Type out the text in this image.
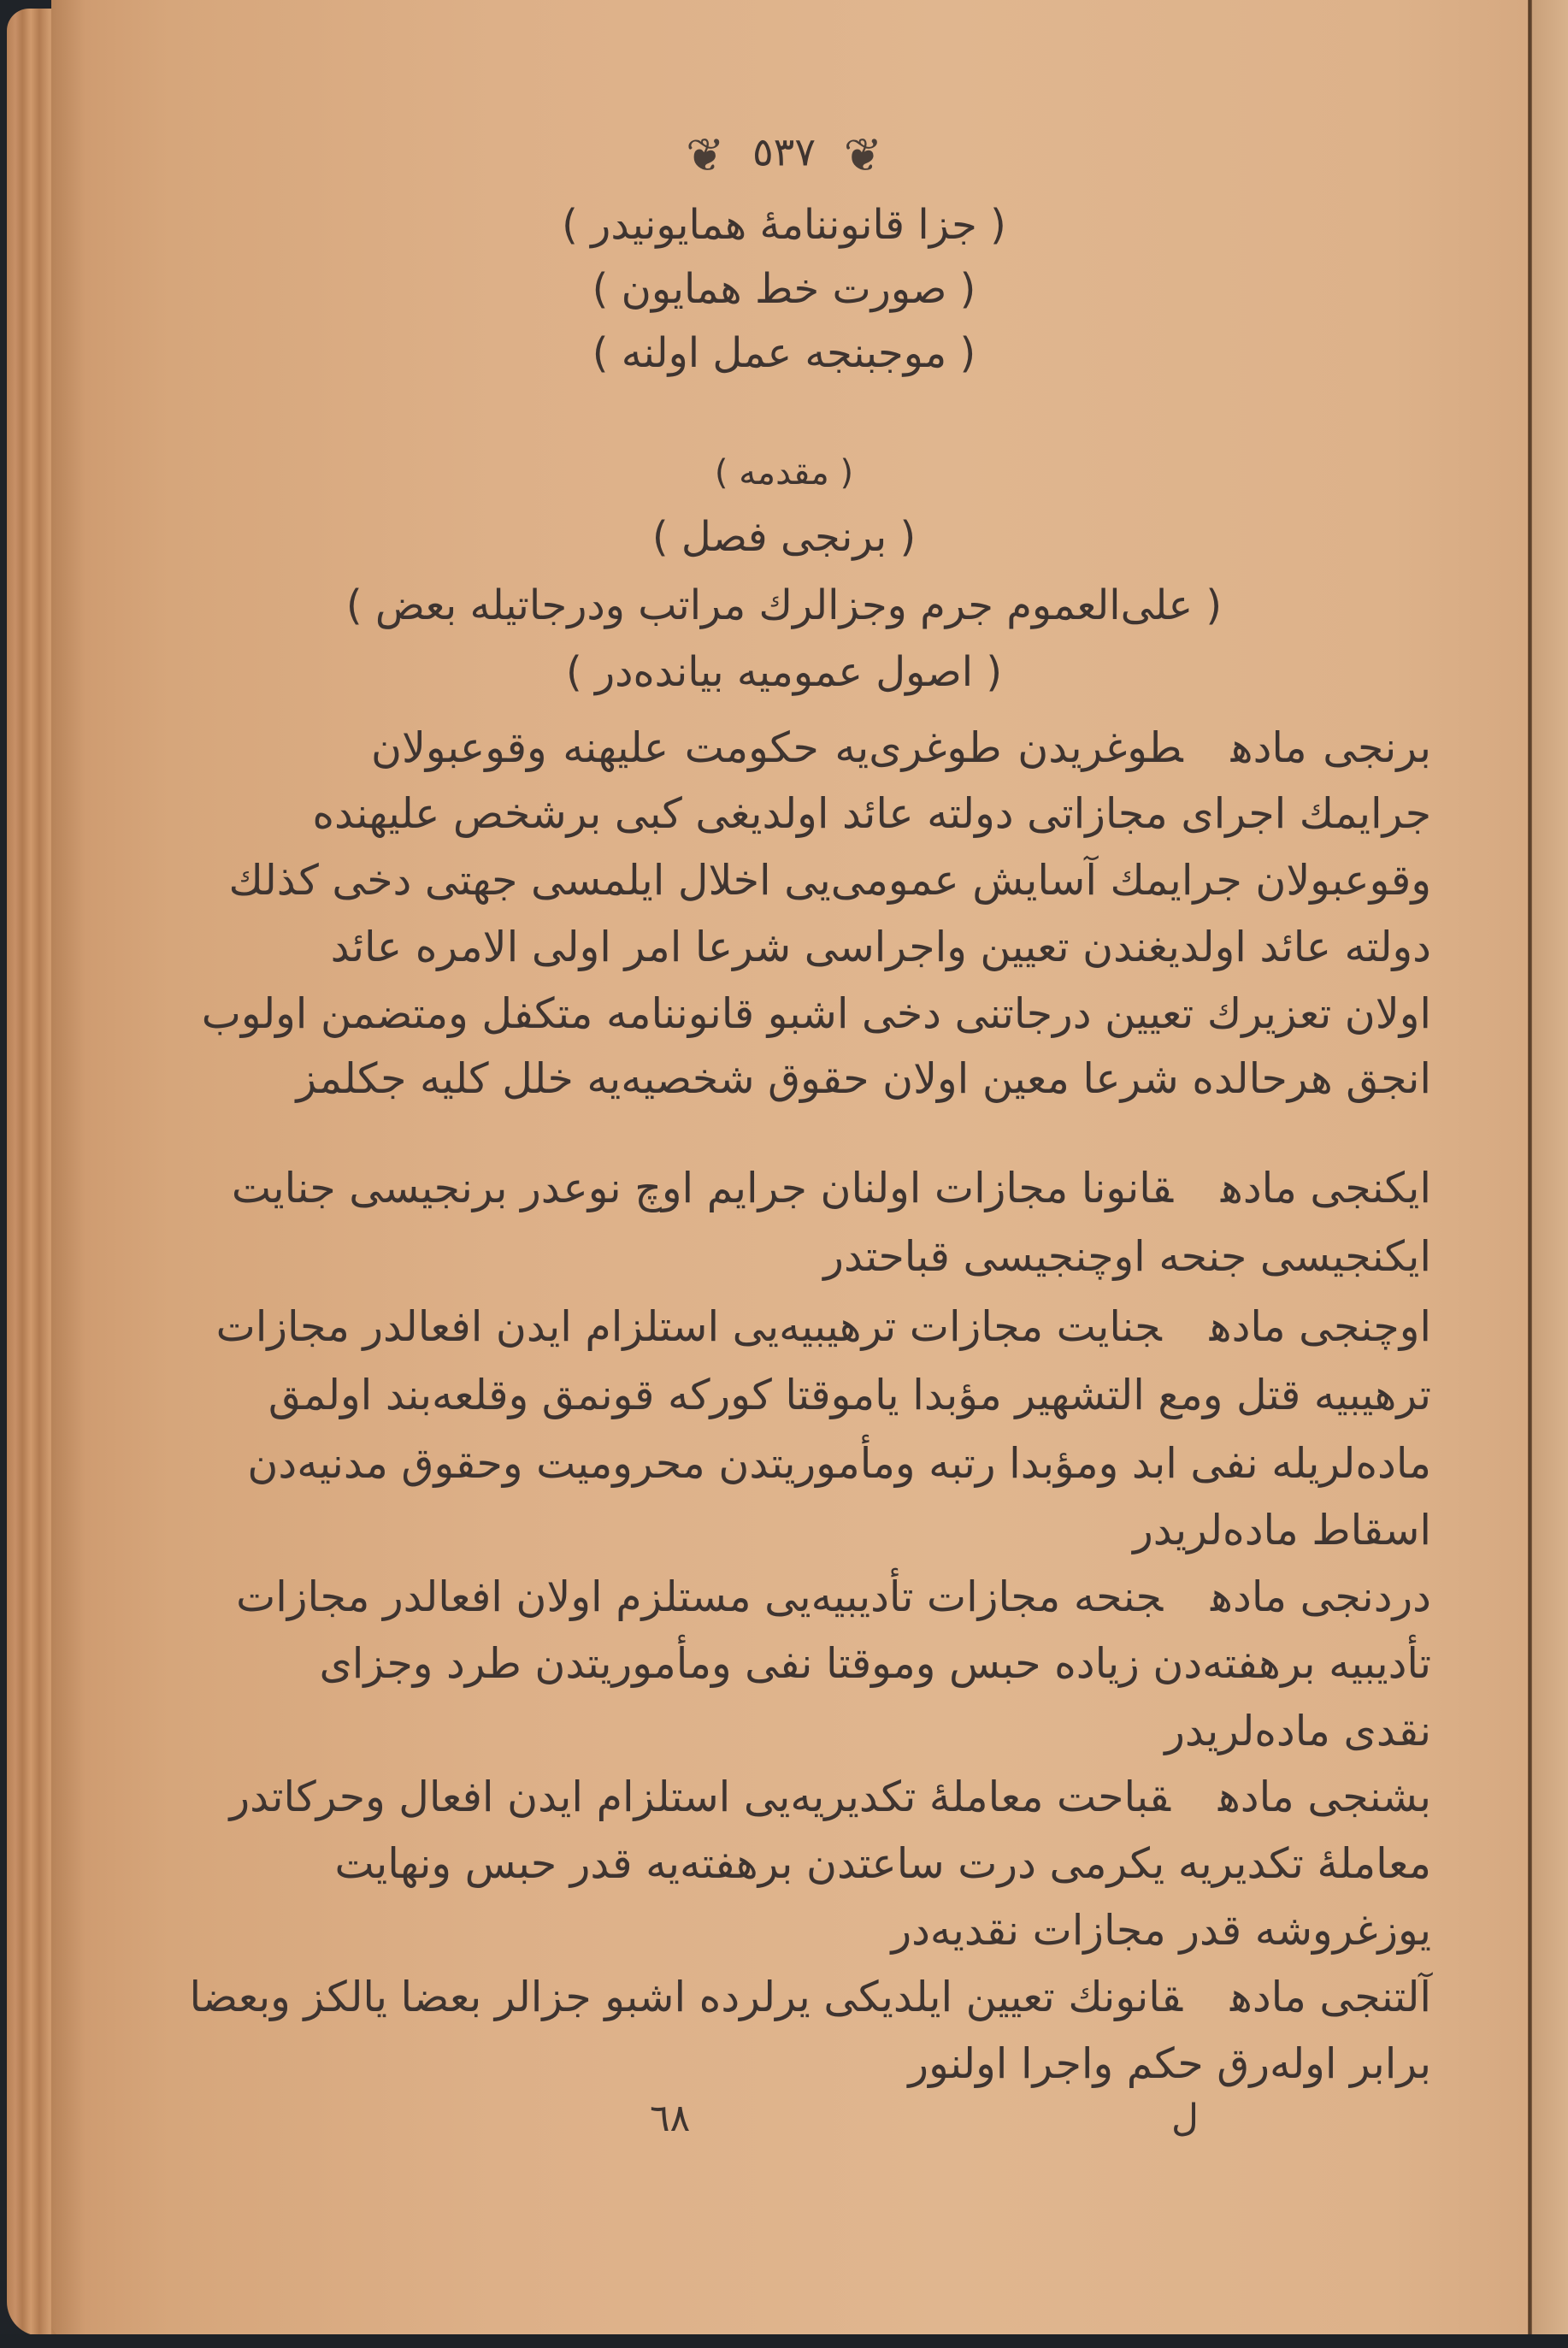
❦ ٥٣٧ ❦
( جزا قانوننامهٔ همايونيدر )
( صورت خط همايون )
( موجبنجه عمل اولنه )
( مقدمه )
( برنجى فصل )
( على‌العموم جرم وجزالرك مراتب ودرجاتيله بعض )
( اصول عموميه بيانده‌در )
برنجى مادهطوغريدن طوغرى‌يه حكومت عليهنه وقوعبولان
جرايمك اجراى مجازاتى دولته عائد اولديغى كبى برشخص عليهنده
وقوعبولان جرايمك آسايش عمومى‌يى اخلال ايلمسى جهتى دخى كذلك
دولته عائد اولديغندن تعيين واجراسى شرعا امر اولى الامره عائد
اولان تعزيرك تعيين درجاتنى دخى اشبو قانوننامه متكفل ومتضمن اولوب
انجق هرحالده شرعا معين اولان حقوق شخصيه‌يه خلل كليه جكلمز
ايكنجى مادهقانونا مجازات اولنان جرايم اوچ نوعدر برنجيسى جنايت
ايكنجيسى جنحه اوچنجيسى قباحتدر
اوچنجى مادهجنايت مجازات ترهيبيه‌يى استلزام ايدن افعالدر مجازات
ترهيبيه قتل ومع التشهير مؤبدا ياموقتا كوركه قونمق وقلعه‌بند اولمق
ماده‌لريله نفى ابد ومؤبدا رتبه ومأموريتدن محروميت وحقوق مدنيه‌دن
اسقاط ماده‌لريدر
دردنجى مادهجنحه مجازات تأديبيه‌يى مستلزم اولان افعالدر مجازات
تأديبيه برهفته‌دن زياده حبس وموقتا نفى ومأموريتدن طرد وجزاى
نقدى ماده‌لريدر
بشنجى مادهقباحت معاملهٔ تكديريه‌يى استلزام ايدن افعال وحركاتدر
معاملهٔ تكديريه يكرمى درت ساعتدن برهفته‌يه قدر حبس ونهايت
يوزغروشه قدر مجازات نقديه‌در
آلتنجى مادهقانونك تعيين ايلديكى يرلرده اشبو جزالر بعضا يالكز وبعضا
برابر اوله‌رق حكم واجرا اولنور
٦٨	ل
